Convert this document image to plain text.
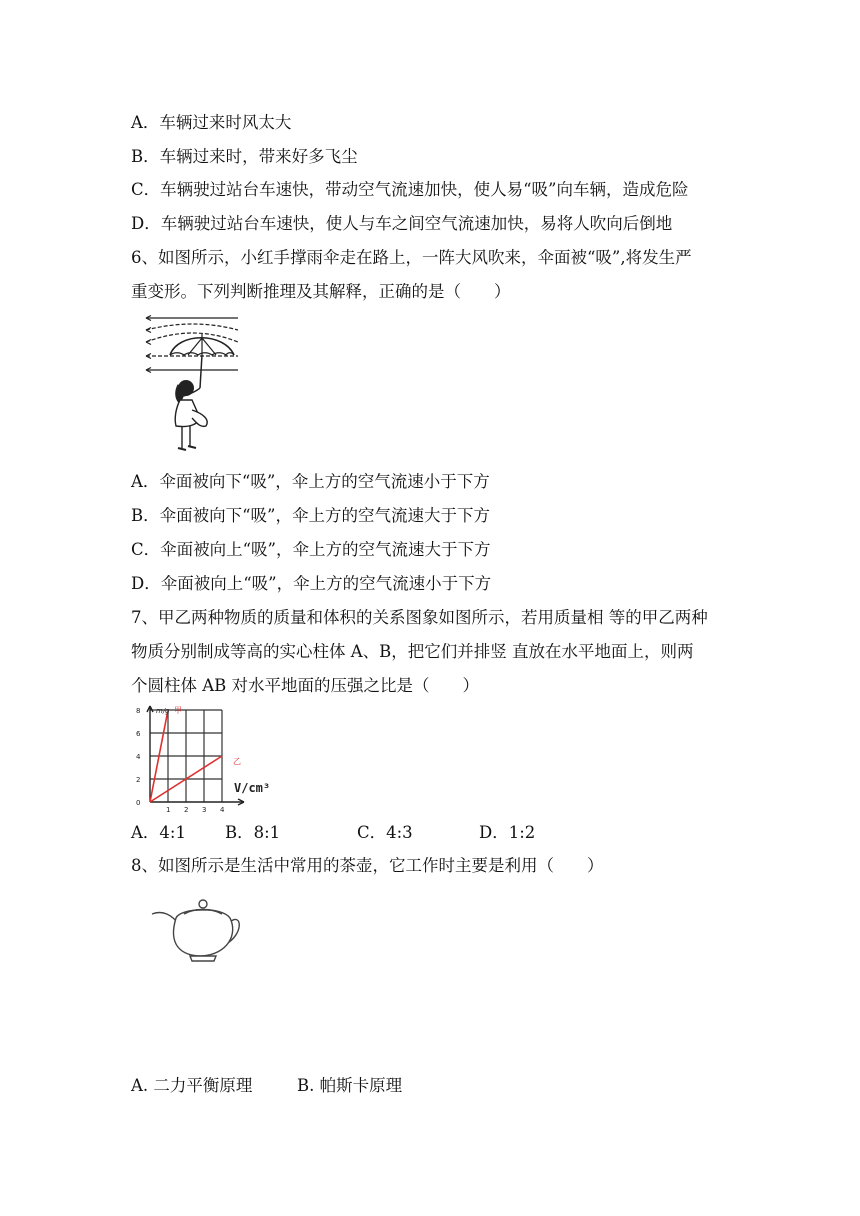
A．车辆过来时风太大
B．车辆过来时，带来好多飞尘
C．车辆驶过站台车速快，带动空气流速加快，使人易“吸”向车辆，造成危险
D．车辆驶过站台车速快，使人与车之间空气流速加快，易将人吹向后倒地
6、如图所示，小红手撑雨伞走在路上，一阵大风吹来，伞面被“吸”,将发生严
重变形。下列判断推理及其解释，正确的是（　　）
A．伞面被向下“吸”，伞上方的空气流速小于下方
B．伞面被向下“吸”，伞上方的空气流速大于下方
C．伞面被向上“吸”，伞上方的空气流速大于下方
D．伞面被向上“吸”，伞上方的空气流速小于下方
7、甲乙两种物质的质量和体积的关系图象如图所示，若用质量相 等的甲乙两种
物质分别制成等高的实心柱体 A、B，把它们并排竖 直放在水平地面上，则两
个圆柱体 AB 对水平地面的压强之比是（　　）
8
6
4
2
0
1 2 3 4
m/g 甲
乙
V/cm³
A．4:1 B．8:1	C．4:3	D．1:2
8、如图所示是生活中常用的茶壶，它工作时主要是利用（　　）
A. 二力平衡原理	B. 帕斯卡原理
